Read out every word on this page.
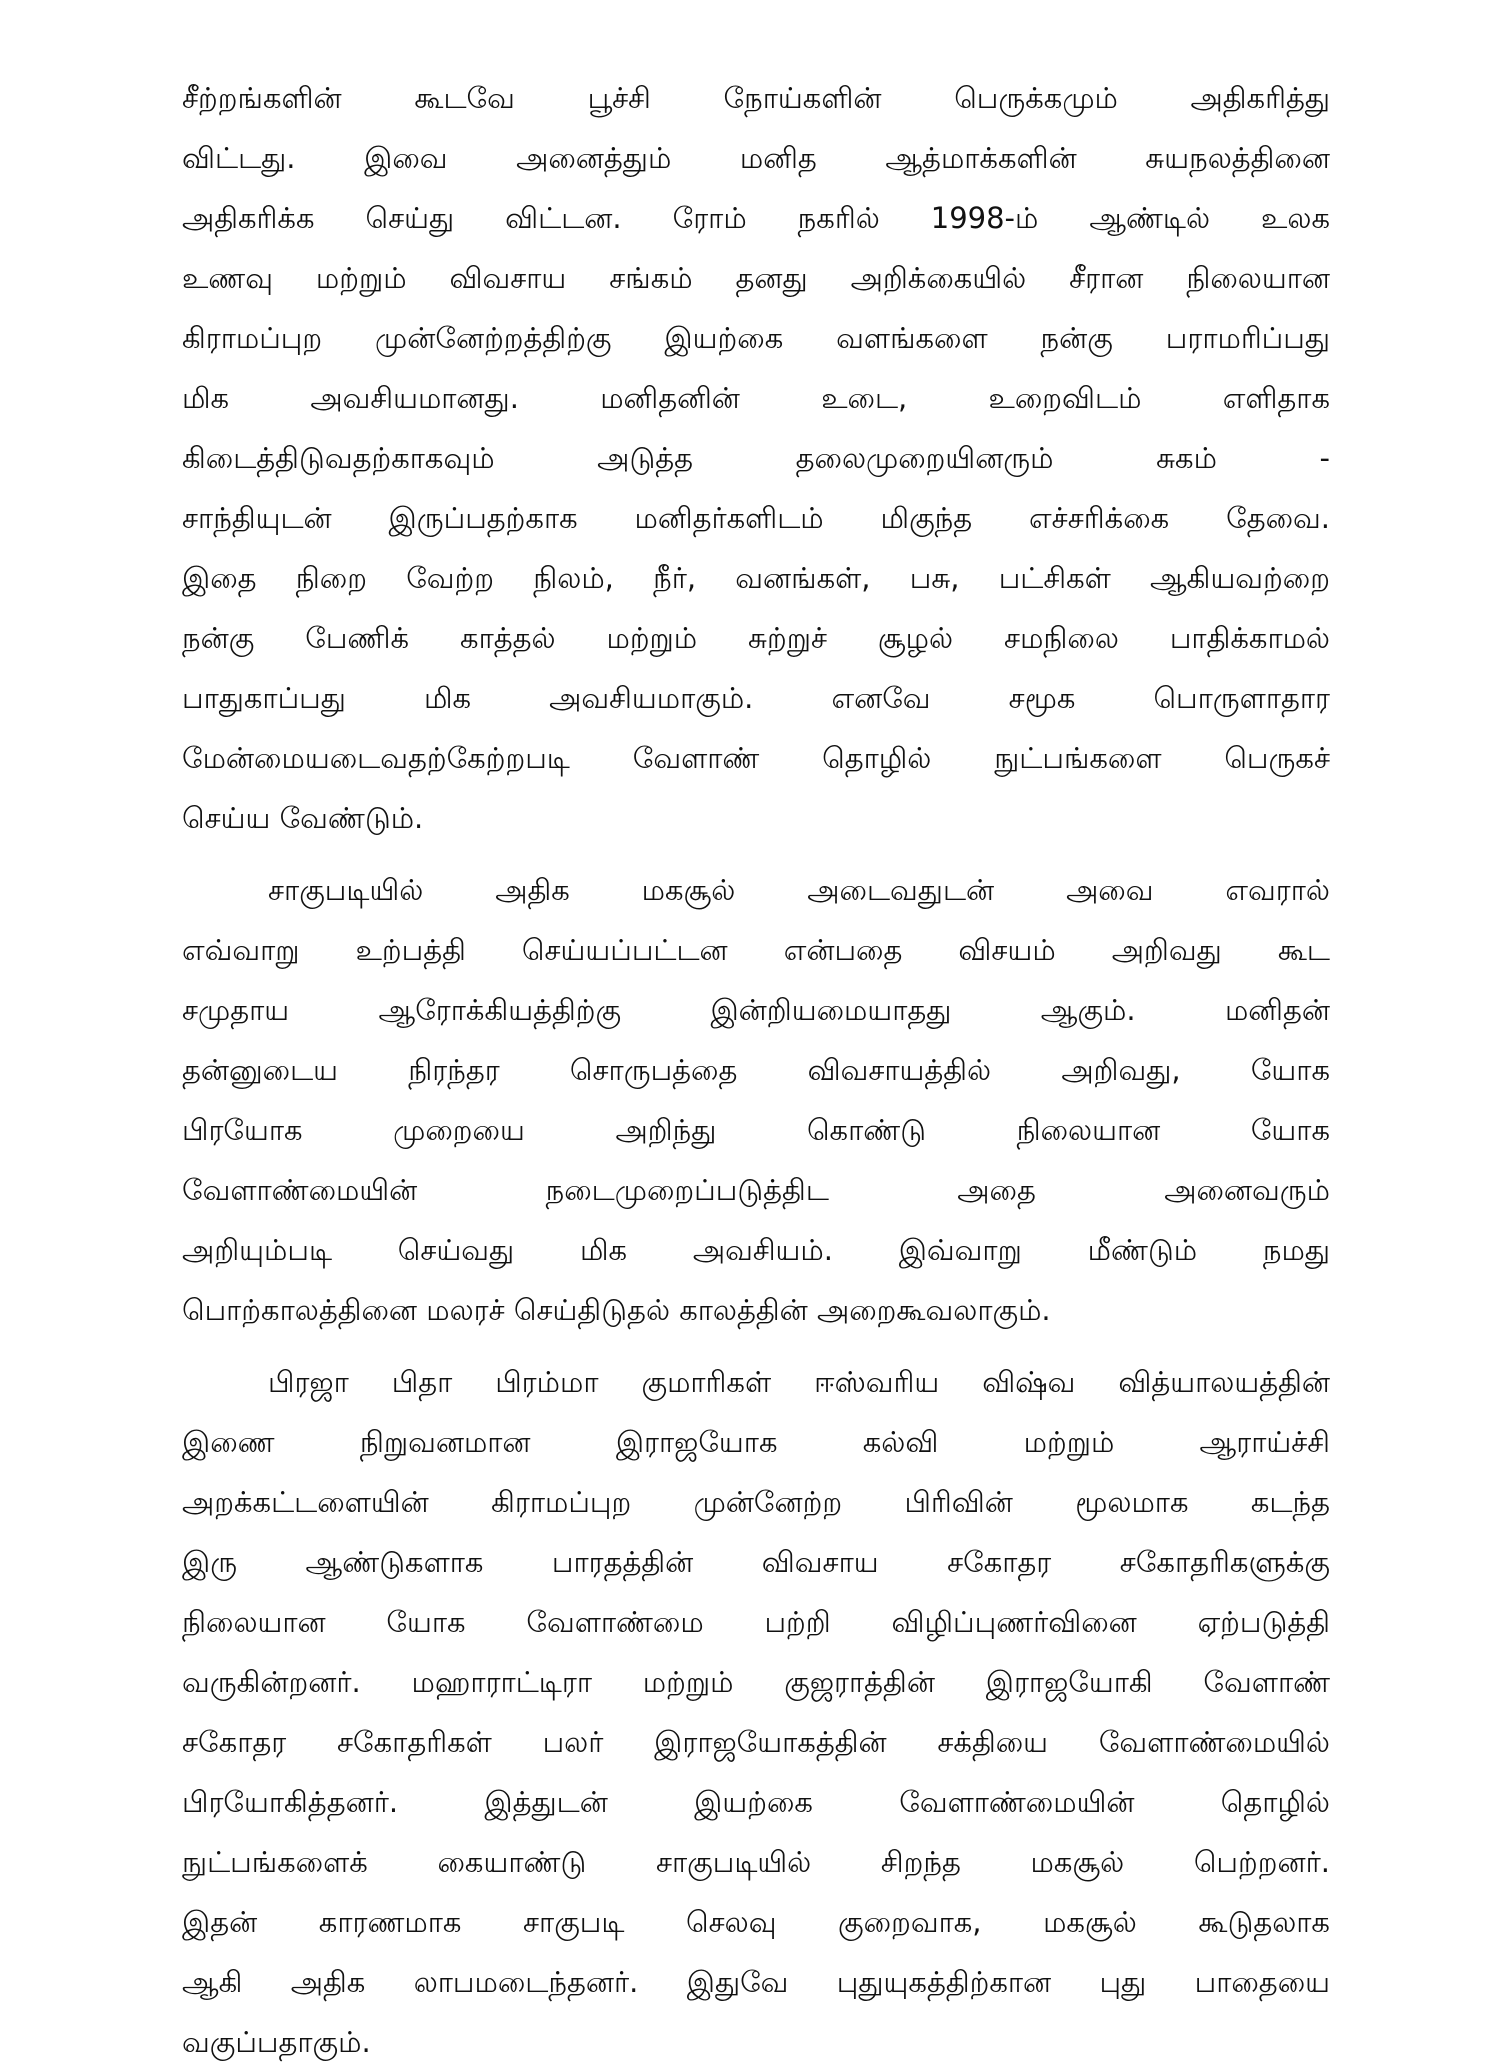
சீற்றங்களின் கூடவே பூச்சி நோய்களின் பெருக்கமும் அதிகரித்து
விட்டது. இவை அனைத்தும் மனித ஆத்மாக்களின் சுயநலத்தினை
அதிகரிக்க செய்து விட்டன. ரோம் நகரில் 1998-ம் ஆண்டில் உலக
உணவு மற்றும் விவசாய சங்கம் தனது அறிக்கையில் சீரான நிலையான
கிராமப்புற முன்னேற்றத்திற்கு இயற்கை வளங்களை நன்கு பராமரிப்பது
மிக அவசியமானது. மனிதனின் உடை, உறைவிடம் எளிதாக
கிடைத்திடுவதற்காகவும் அடுத்த தலைமுறையினரும் சுகம் -
சாந்தியுடன் இருப்பதற்காக மனிதர்களிடம் மிகுந்த எச்சரிக்கை தேவை.
இதை நிறை வேற்ற நிலம், நீர், வனங்கள், பசு, பட்சிகள் ஆகியவற்றை
நன்கு பேணிக் காத்தல் மற்றும் சுற்றுச் சூழல் சமநிலை பாதிக்காமல்
பாதுகாப்பது மிக அவசியமாகும். எனவே சமூக பொருளாதார
மேன்மையடைவதற்கேற்றபடி வேளாண் தொழில் நுட்பங்களை பெருகச்
செய்ய வேண்டும்.
சாகுபடியில் அதிக மகசூல் அடைவதுடன் அவை எவரால்
எவ்வாறு உற்பத்தி செய்யப்பட்டன என்பதை விசயம் அறிவது கூட
சமுதாய ஆரோக்கியத்திற்கு இன்றியமையாதது ஆகும். மனிதன்
தன்னுடைய நிரந்தர சொருபத்தை விவசாயத்தில் அறிவது, யோக
பிரயோக முறையை அறிந்து கொண்டு நிலையான யோக
வேளாண்மையின் நடைமுறைப்படுத்திட அதை அனைவரும்
அறியும்படி செய்வது மிக அவசியம். இவ்வாறு மீண்டும் நமது
பொற்காலத்தினை மலரச் செய்திடுதல் காலத்தின் அறைகூவலாகும்.
பிரஜா பிதா பிரம்மா குமாரிகள் ஈஸ்வரிய விஷ்வ வித்யாலயத்தின்
இணை நிறுவனமான இராஜயோக கல்வி மற்றும் ஆராய்ச்சி
அறக்கட்டளையின் கிராமப்புற முன்னேற்ற பிரிவின் மூலமாக கடந்த
இரு ஆண்டுகளாக பாரதத்தின் விவசாய சகோதர சகோதரிகளுக்கு
நிலையான யோக வேளாண்மை பற்றி விழிப்புணர்வினை ஏற்படுத்தி
வருகின்றனர். மஹாராட்டிரா மற்றும் குஜராத்தின் இராஜயோகி வேளாண்
சகோதர சகோதரிகள் பலர் இராஜயோகத்தின் சக்தியை வேளாண்மையில்
பிரயோகித்தனர். இத்துடன் இயற்கை வேளாண்மையின் தொழில்
நுட்பங்களைக் கையாண்டு சாகுபடியில் சிறந்த மகசூல் பெற்றனர்.
இதன் காரணமாக சாகுபடி செலவு குறைவாக, மகசூல் கூடுதலாக
ஆகி அதிக லாபமடைந்தனர். இதுவே புதுயுகத்திற்கான புது பாதையை
வகுப்பதாகும்.
